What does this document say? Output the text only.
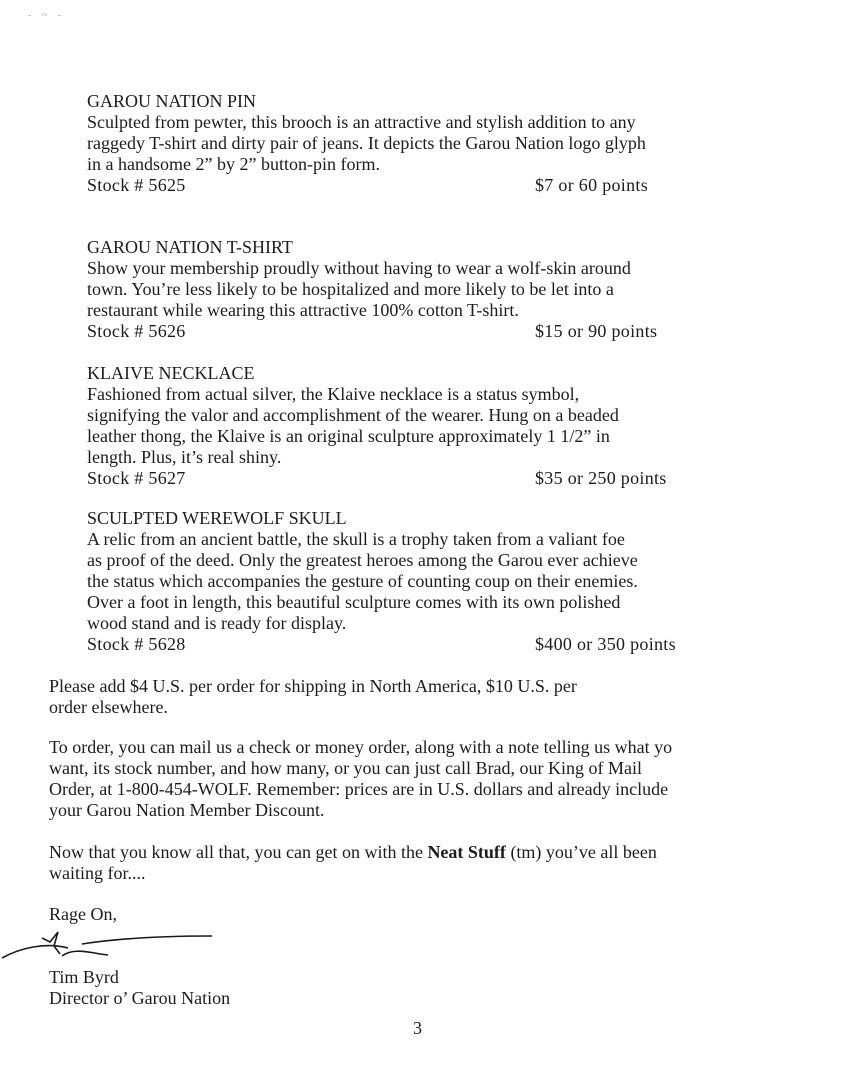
- ~ -
GAROU NATION PIN
Sculpted from pewter, this brooch is an attractive and stylish addition to any
raggedy T-shirt and dirty pair of jeans. It depicts the Garou Nation logo glyph
in a handsome 2” by 2” button-pin form.
Stock # 5625	$7 or 60 points
GAROU NATION T-SHIRT
Show your membership proudly without having to wear a wolf-skin around
town. You’re less likely to be hospitalized and more likely to be let into a
restaurant while wearing this attractive 100% cotton T-shirt.
Stock # 5626	$15 or 90 points
KLAIVE NECKLACE
Fashioned from actual silver, the Klaive necklace is a status symbol,
signifying the valor and accomplishment of the wearer. Hung on a beaded
leather thong, the Klaive is an original sculpture approximately 1 1/2” in
length. Plus, it’s real shiny.
Stock # 5627	$35 or 250 points
SCULPTED WEREWOLF SKULL
A relic from an ancient battle, the skull is a trophy taken from a valiant foe
as proof of the deed. Only the greatest heroes among the Garou ever achieve
the status which accompanies the gesture of counting coup on their enemies.
Over a foot in length, this beautiful sculpture comes with its own polished
wood stand and is ready for display.
Stock # 5628	$400 or 350 points
Please add $4 U.S. per order for shipping in North America, $10 U.S. per
order elsewhere.
To order, you can mail us a check or money order, along with a note telling us what yo
want, its stock number, and how many, or you can just call Brad, our King of Mail
Order, at 1-800-454-WOLF. Remember: prices are in U.S. dollars and already include
your Garou Nation Member Discount.
Now that you know all that, you can get on with the Neat Stuff (tm) you’ve all been
waiting for....
Rage On,
Tim Byrd
Director o’ Garou Nation
3
